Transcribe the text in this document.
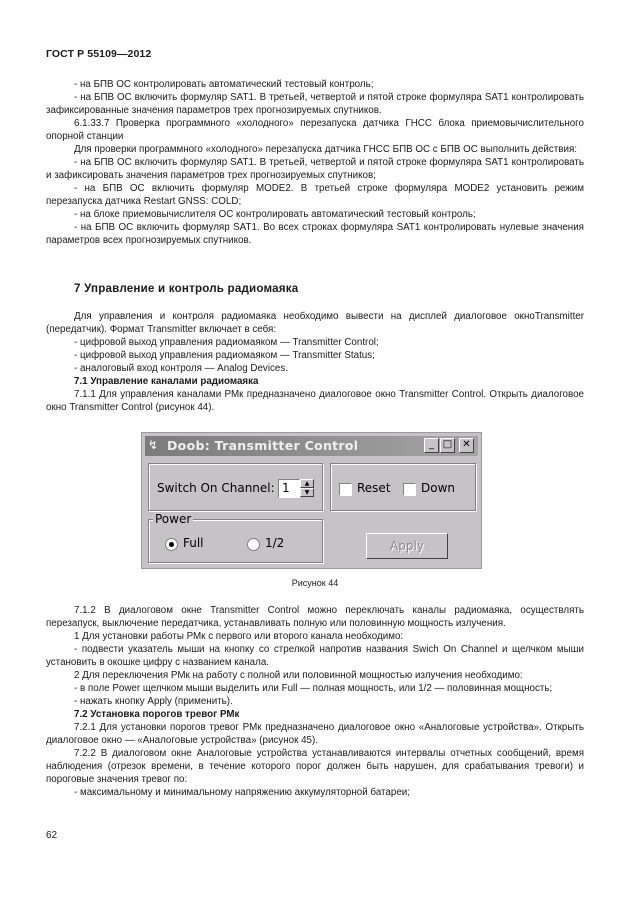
ГОСТ Р 55109—2012

- на БПВ ОС контролировать автоматический тестовый контроль;

- на БПВ ОС включить формуляр SAT1. В третьей, четвертой и пятой строке формуляра SAT1 контролировать зафиксированные значения параметров трех прогнозируемых спутников.

6.1.33.7 Проверка программного «холодного» перезапуска датчика ГНСС блока приемовычислительного опорной станции

Для проверки программного «холодного» перезапуска датчика ГНСС БПВ ОС с БПВ ОС выполнить действия:

- на БПВ ОС включить формуляр SAT1. В третьей, четвертой и пятой строке формуляра SAT1 контролировать и зафиксировать значения параметров трех прогнозируемых спутников;

- на БПВ ОС включить формуляр MODE2. В третьей строке формуляра MODE2 установить режим перезапуска датчика Restart GNSS: COLD;

- на блоке приемовычислителя ОС контролировать автоматический тестовый контроль;

- на БПВ ОС включить формуляр SAT1. Во всех строках формуляра SAT1 контролировать нулевые значения параметров всех прогнозируемых спутников.

7 Управление и контроль радиомаяка

Для управления и контроля радиомаяка необходимо вывести на дисплей диалоговое окноTransmitter (передатчик). Формат Transmitter включает в себя:

- цифровой выход управления радиомаяком — Transmitter Control;

- цифровой выход управления радиомаяком — Transmitter Status;

- аналоговый вход контроля — Analog Devices.

7.1 Управление каналами радиомаяка

7.1.1 Для управления каналами РМк предназначено диалоговое окно Transmitter Control. Открыть диалоговое окно Transmitter Control (рисунок 44).

↯ Doob: Transmitter Control	_ □	✕
Switch On Channel: 1	▲
▼	Reset	Down
Power
Full	1/2	Apply
Рисунок 44

7.1.2 В диалоговом окне Transmitter Control можно переключать каналы радиомаяка, осуществлять перезапуск, выключение передатчика, устанавливать полную или половинную мощность излучения.

1 Для установки работы РМк с первого или второго канала необходимо:

- подвести указатель мыши на кнопку со стрелкой напротив названия Swich On Channel и щелчком мыши установить в окошке цифру с названием канала.

2 Для переключения РМк на работу с полной или половинной мощностью излучения необходимо:

- в поле Power щелчком мыши выделить или Full — полная мощность, или 1/2 — половинная мощность;

- нажать кнопку Apply (применить).

7.2 Установка порогов тревог РМк

7.2.1 Для установки порогов тревог РМк предназначено диалоговое окно «Аналоговые устройства». Открыть диалоговое окно — «Аналоговые устройства» (рисунок 45).

7.2.2 В диалоговом окне Аналоговые устройства устанавливаются интервалы отчетных сообщений, время наблюдения (отрезок времени, в течение которого порог должен быть нарушен, для срабатывания тревоги) и пороговые значения тревог по:

- максимальному и минимальному напряжению аккумуляторной батареи;

62
